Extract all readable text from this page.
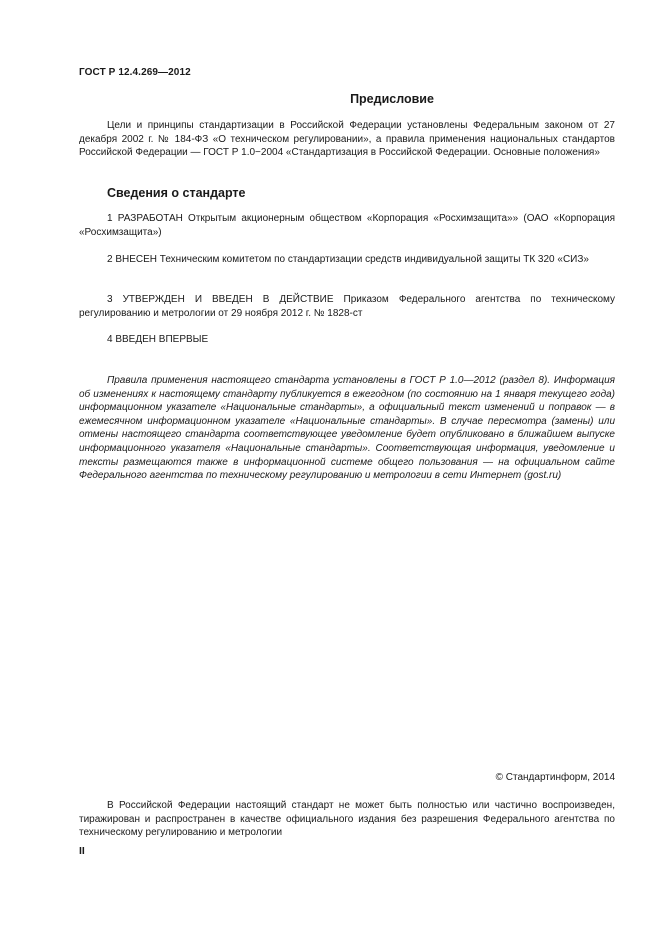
ГОСТ Р 12.4.269—2012
Предисловие
Цели и принципы стандартизации в Российской Федерации установлены Федеральным законом от 27 декабря 2002 г. № 184-ФЗ «О техническом регулировании», а правила применения национальных стандартов Российской Федерации — ГОСТ Р 1.0−2004 «Стандартизация в Российской Федерации. Основные положения»
Сведения о стандарте
1 РАЗРАБОТАН Открытым акционерным обществом «Корпорация «Росхимзащита»» (ОАО «Корпорация «Росхимзащита»)
2 ВНЕСЕН Техническим комитетом по стандартизации средств индивидуальной защиты ТК 320 «СИЗ»
3 УТВЕРЖДЕН И ВВЕДЕН В ДЕЙСТВИЕ Приказом Федерального агентства по техническому регулированию и метрологии от 29 ноября 2012 г. № 1828-ст
4 ВВЕДЕН ВПЕРВЫЕ
Правила применения настоящего стандарта установлены в ГОСТ Р 1.0—2012 (раздел 8). Информация об изменениях к настоящему стандарту публикуется в ежегодном (по состоянию на 1 января текущего года) информационном указателе «Национальные стандарты», а официальный текст изменений и поправок — в ежемесячном информационном указателе «Национальные стандарты». В случае пересмотра (замены) или отмены настоящего стандарта соответствующее уведомление будет опубликовано в ближайшем выпуске информационного указателя «Национальные стандарты». Соответствующая информация, уведомление и тексты размещаются также в информационной системе общего пользования — на официальном сайте Федерального агентства по техническому регулированию и метрологии в сети Интернет (gost.ru)
© Стандартинформ, 2014
В Российской Федерации настоящий стандарт не может быть полностью или частично воспроизведен, тиражирован и распространен в качестве официального издания без разрешения Федерального агентства по техническому регулированию и метрологии
II
